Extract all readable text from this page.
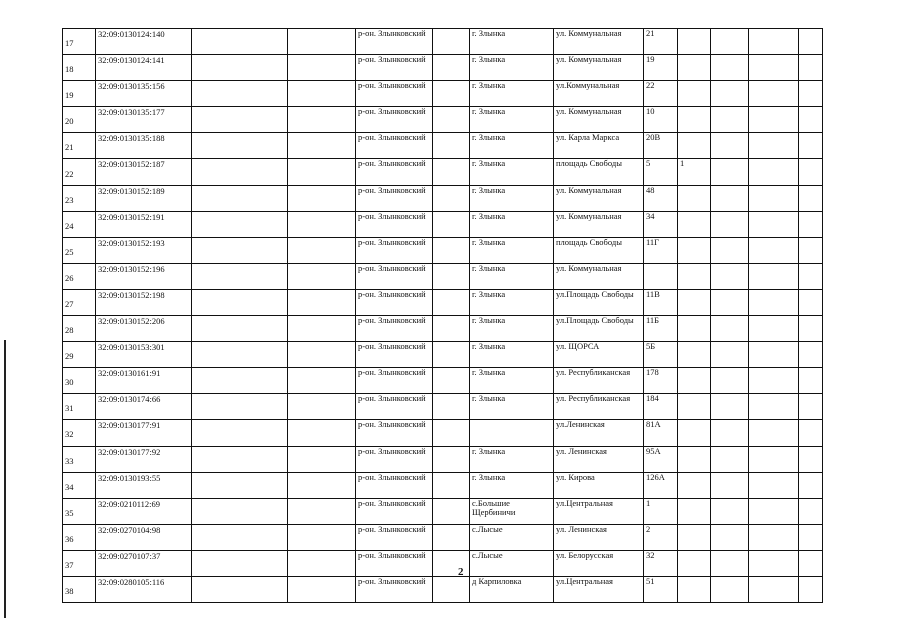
17	32:09:0130124:140			р-он. Злынковский		г. Злынка	ул. Коммунальная	21				
18	32:09:0130124:141			р-он. Злынковский		г. Злынка	ул. Коммунальная	19				
19	32:09:0130135:156			р-он. Злынковский		г. Злынка	ул.Коммунальная	22				
20	32:09:0130135:177			р-он. Злынковский		г. Злынка	ул. Коммунальная	10				
21	32:09:0130135:188			р-он. Злынковский		г. Злынка	ул. Карла Маркса	20В				
22	32:09:0130152:187			р-он. Злынковский		г. Злынка	площадь Свободы	5	1			
23	32:09:0130152:189			р-он. Злынковский		г. Злынка	ул. Коммунальная	48				
24	32:09:0130152:191			р-он. Злынковский		г. Злынка	ул. Коммунальная	34				
25	32:09:0130152:193			р-он. Злынковский		г. Злынка	площадь Свободы	11Г				
26	32:09:0130152:196			р-он. Злынковский		г. Злынка	ул. Коммунальная					
27	32:09:0130152:198			р-он. Злынковский		г. Злынка	ул.Площадь Свободы	11В				
28	32:09:0130152:206			р-он. Злынковский		г. Злынка	ул.Площадь Свободы	11Б				
29	32:09:0130153:301			р-он. Злынковский		г. Злынка	ул. ЩОРСА	5Б				
30	32:09:0130161:91			р-он. Злынковский		г. Злынка	ул. Республиканская	178				
31	32:09:0130174:66			р-он. Злынковский		г. Злынка	ул. Республиканская	184				
32	32:09:0130177:91			р-он. Злынковский			ул.Ленинская	81А				
33	32:09:0130177:92			р-он. Злынковский		г. Злынка	ул. Ленинская	95А				
34	32:09:0130193:55			р-он. Злынковский		г. Злынка	ул. Кирова	126А				
35	32:09:0210112:69			р-он. Злынковский		с.Большие Щербиничи	ул.Центральная	1				
36	32:09:0270104:98			р-он. Злынковский		с.Лысые	ул. Ленинская	2				
37	32:09:0270107:37			р-он. Злынковский		с.Лысые	ул. Белорусская	32				
38	32:09:0280105:116			р-он. Злынковский		д Карпиловка	ул.Центральная	51				
2
